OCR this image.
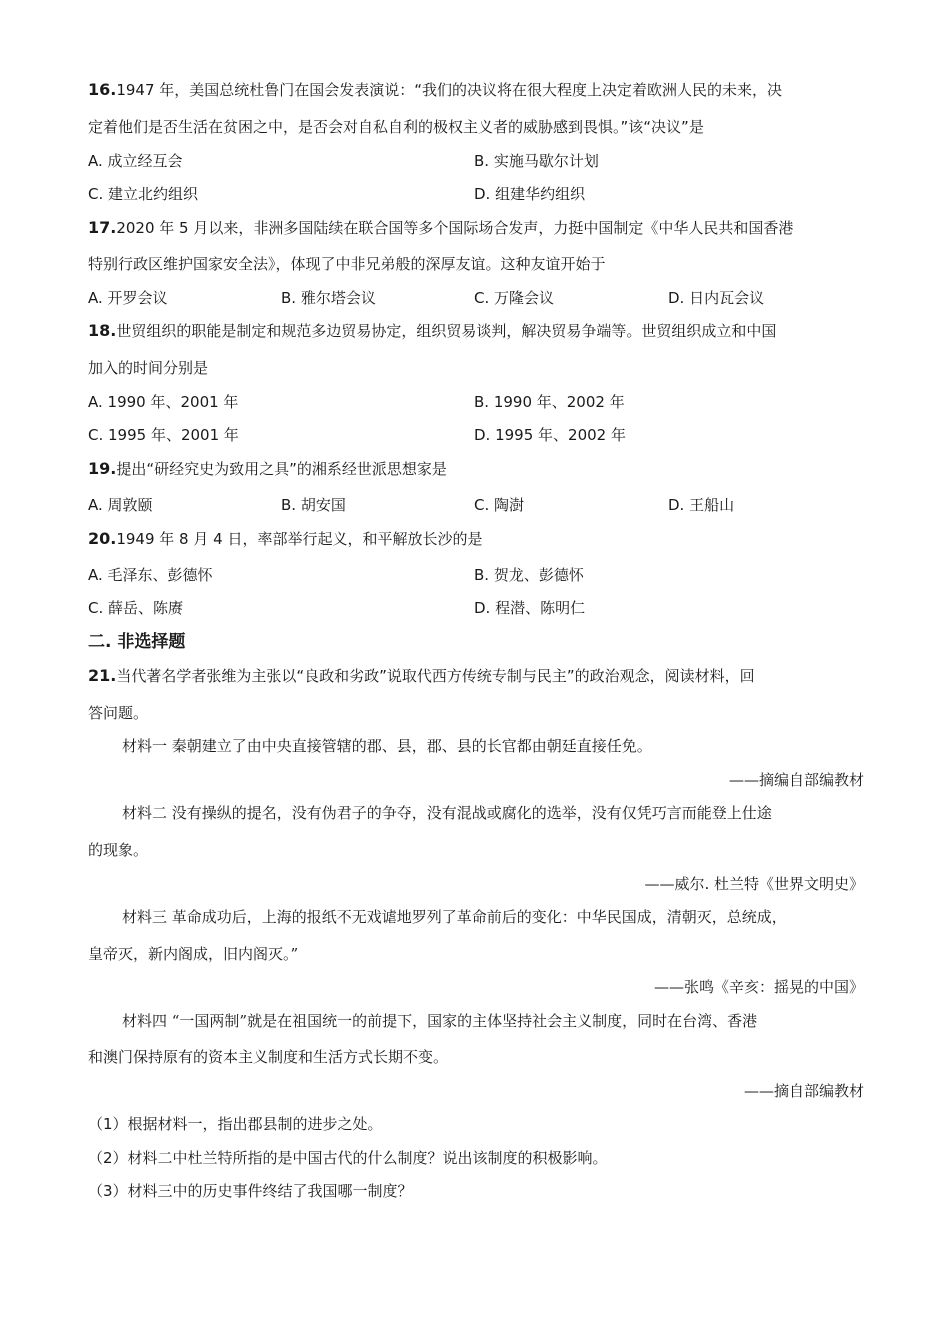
16.1947 年，美国总统杜鲁门在国会发表演说：“我们的决议将在很大程度上决定着欧洲人民的未来，决
定着他们是否生活在贫困之中，是否会对自私自利的极权主义者的威胁感到畏惧。”该“决议”是
A. 成立经互会	B. 实施马歇尔计划
C. 建立北约组织	D. 组建华约组织
17.2020 年 5 月以来，非洲多国陆续在联合国等多个国际场合发声，力挺中国制定《中华人民共和国香港
特别行政区维护国家安全法》，体现了中非兄弟般的深厚友谊。这种友谊开始于
A. 开罗会议	B. 雅尔塔会议	C. 万隆会议	D. 日内瓦会议
18.世贸组织的职能是制定和规范多边贸易协定，组织贸易谈判，解决贸易争端等。世贸组织成立和中国
加入的时间分别是
A. 1990 年、2001 年	B. 1990 年、2002 年
C. 1995 年、2001 年	D. 1995 年、2002 年
19.提出“研经究史为致用之具”的湘系经世派思想家是
A. 周敦颐	B. 胡安国	C. 陶澍	D. 王船山
20.1949 年 8 月 4 日，率部举行起义，和平解放长沙的是
A. 毛泽东、彭德怀	B. 贺龙、彭德怀
C. 薛岳、陈赓	D. 程潜、陈明仁
二. 非选择题
21.当代著名学者张维为主张以“良政和劣政”说取代西方传统专制与民主”的政治观念，阅读材料，回
答问题。
材料一 秦朝建立了由中央直接管辖的郡、县，郡、县的长官都由朝廷直接任免。
——摘编自部编教材
材料二 没有操纵的提名，没有伪君子的争夺，没有混战或腐化的选举，没有仅凭巧言而能登上仕途
的现象。
——威尔. 杜兰特《世界文明史》
材料三 革命成功后，上海的报纸不无戏谑地罗列了革命前后的变化：中华民国成，清朝灭，总统成，
皇帝灭，新内阁成，旧内阁灭。”
——张鸣《辛亥：摇晃的中国》
材料四 “一国两制”就是在祖国统一的前提下，国家的主体坚持社会主义制度，同时在台湾、香港
和澳门保持原有的资本主义制度和生活方式长期不变。
——摘自部编教材
（1）根据材料一，指出郡县制的进步之处。
（2）材料二中杜兰特所指的是中国古代的什么制度？说出该制度的积极影响。
（3）材料三中的历史事件终结了我国哪一制度？
